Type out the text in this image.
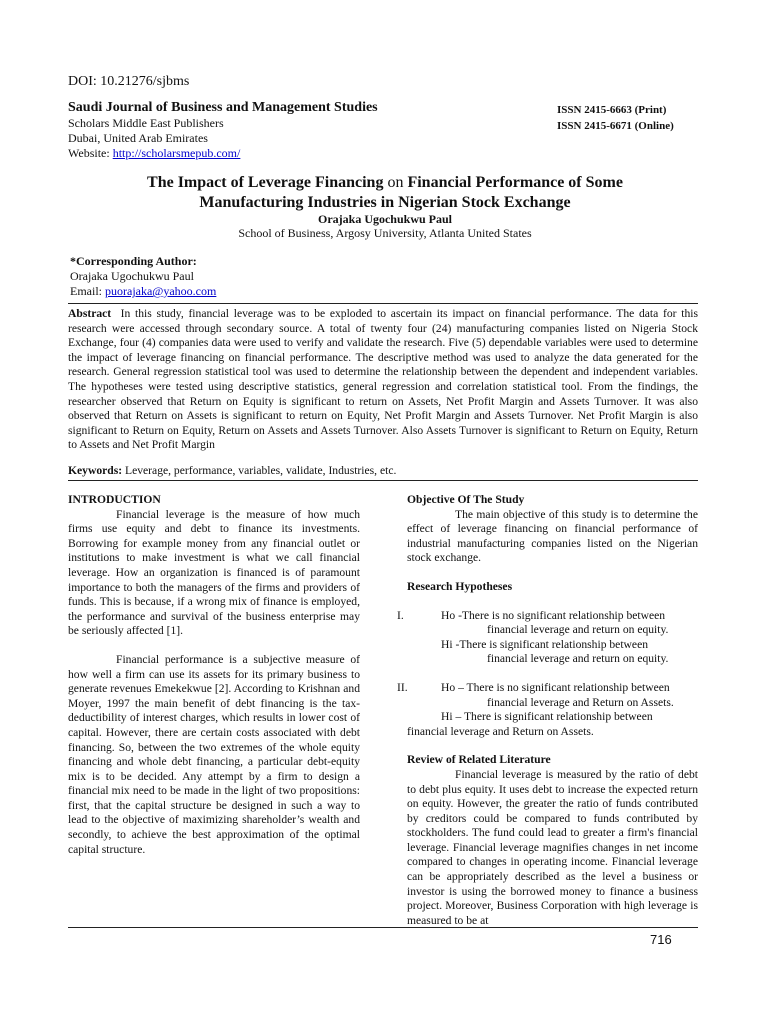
DOI: 10.21276/sjbms
Saudi Journal of Business and Management Studies
Scholars Middle East Publishers
Dubai, United Arab Emirates
Website: http://scholarsmepub.com/
ISSN 2415-6663 (Print)
ISSN 2415-6671 (Online)
The Impact of Leverage Financing on Financial Performance of Some
Manufacturing Industries in Nigerian Stock Exchange
Orajaka Ugochukwu Paul
School of Business, Argosy University, Atlanta United States
*Corresponding Author:
Orajaka Ugochukwu Paul
Email: puorajaka@yahoo.com
Abstract In this study, financial leverage was to be exploded to ascertain its impact on financial performance. The data for this research were accessed through secondary source. A total of twenty four (24) manufacturing companies listed on Nigeria Stock Exchange, four (4) companies data were used to verify and validate the research. Five (5) dependable variables were used to determine the impact of leverage financing on financial performance. The descriptive method was used to analyze the data generated for the research. General regression statistical tool was used to determine the relationship between the dependent and independent variables. The hypotheses were tested using descriptive statistics, general regression and correlation statistical tool. From the findings, the researcher observed that Return on Equity is significant to return on Assets, Net Profit Margin and Assets Turnover. It was also observed that Return on Assets is significant to return on Equity, Net Profit Margin and Assets Turnover. Net Profit Margin is also significant to Return on Equity, Return on Assets and Assets Turnover. Also Assets Turnover is significant to Return on Equity, Return to Assets and Net Profit Margin
Keywords: Leverage, performance, variables, validate, Industries, etc.
INTRODUCTION

Financial leverage is the measure of how much firms use equity and debt to finance its investments. Borrowing for example money from any financial outlet or institutions to make investment is what we call financial leverage. How an organization is financed is of paramount importance to both the managers of the firms and providers of funds. This is because, if a wrong mix of finance is employed, the performance and survival of the business enterprise may be seriously affected [1].

Financial performance is a subjective measure of how well a firm can use its assets for its primary business to generate revenues Emekekwue [2]. According to Krishnan and Moyer, 1997 the main benefit of debt financing is the tax-deductibility of interest charges, which results in lower cost of capital. However, there are certain costs associated with debt financing. So, between the two extremes of the whole equity financing and whole debt financing, a particular debt-equity mix is to be decided. Any attempt by a firm to design a financial mix need to be made in the light of two propositions: first, that the capital structure be designed in such a way to lead to the objective of maximizing shareholder’s wealth and secondly, to achieve the best approximation of the optimal capital structure.

Objective Of The Study

The main objective of this study is to determine the effect of leverage financing on financial performance of industrial manufacturing companies listed on the Nigerian stock exchange.

Research Hypotheses

I.	Ho -There is no significant relationship between
financial leverage and return on equity.
Hi -There is significant relationship between
financial leverage and return on equity.

II.	Ho – There is no significant relationship between
financial leverage and Return on Assets.
Hi – There is significant relationship between
financial leverage and Return on Assets.

Review of Related Literature

Financial leverage is measured by the ratio of debt to debt plus equity. It uses debt to increase the expected return on equity. However, the greater the ratio of funds contributed by creditors could be compared to funds contributed by stockholders. The fund could lead to greater a firm's financial leverage. Financial leverage magnifies changes in net income compared to changes in operating income. Financial leverage can be appropriately described as the level a business or investor is using the borrowed money to finance a business project. Moreover, Business Corporation with high leverage is measured to be at

716
